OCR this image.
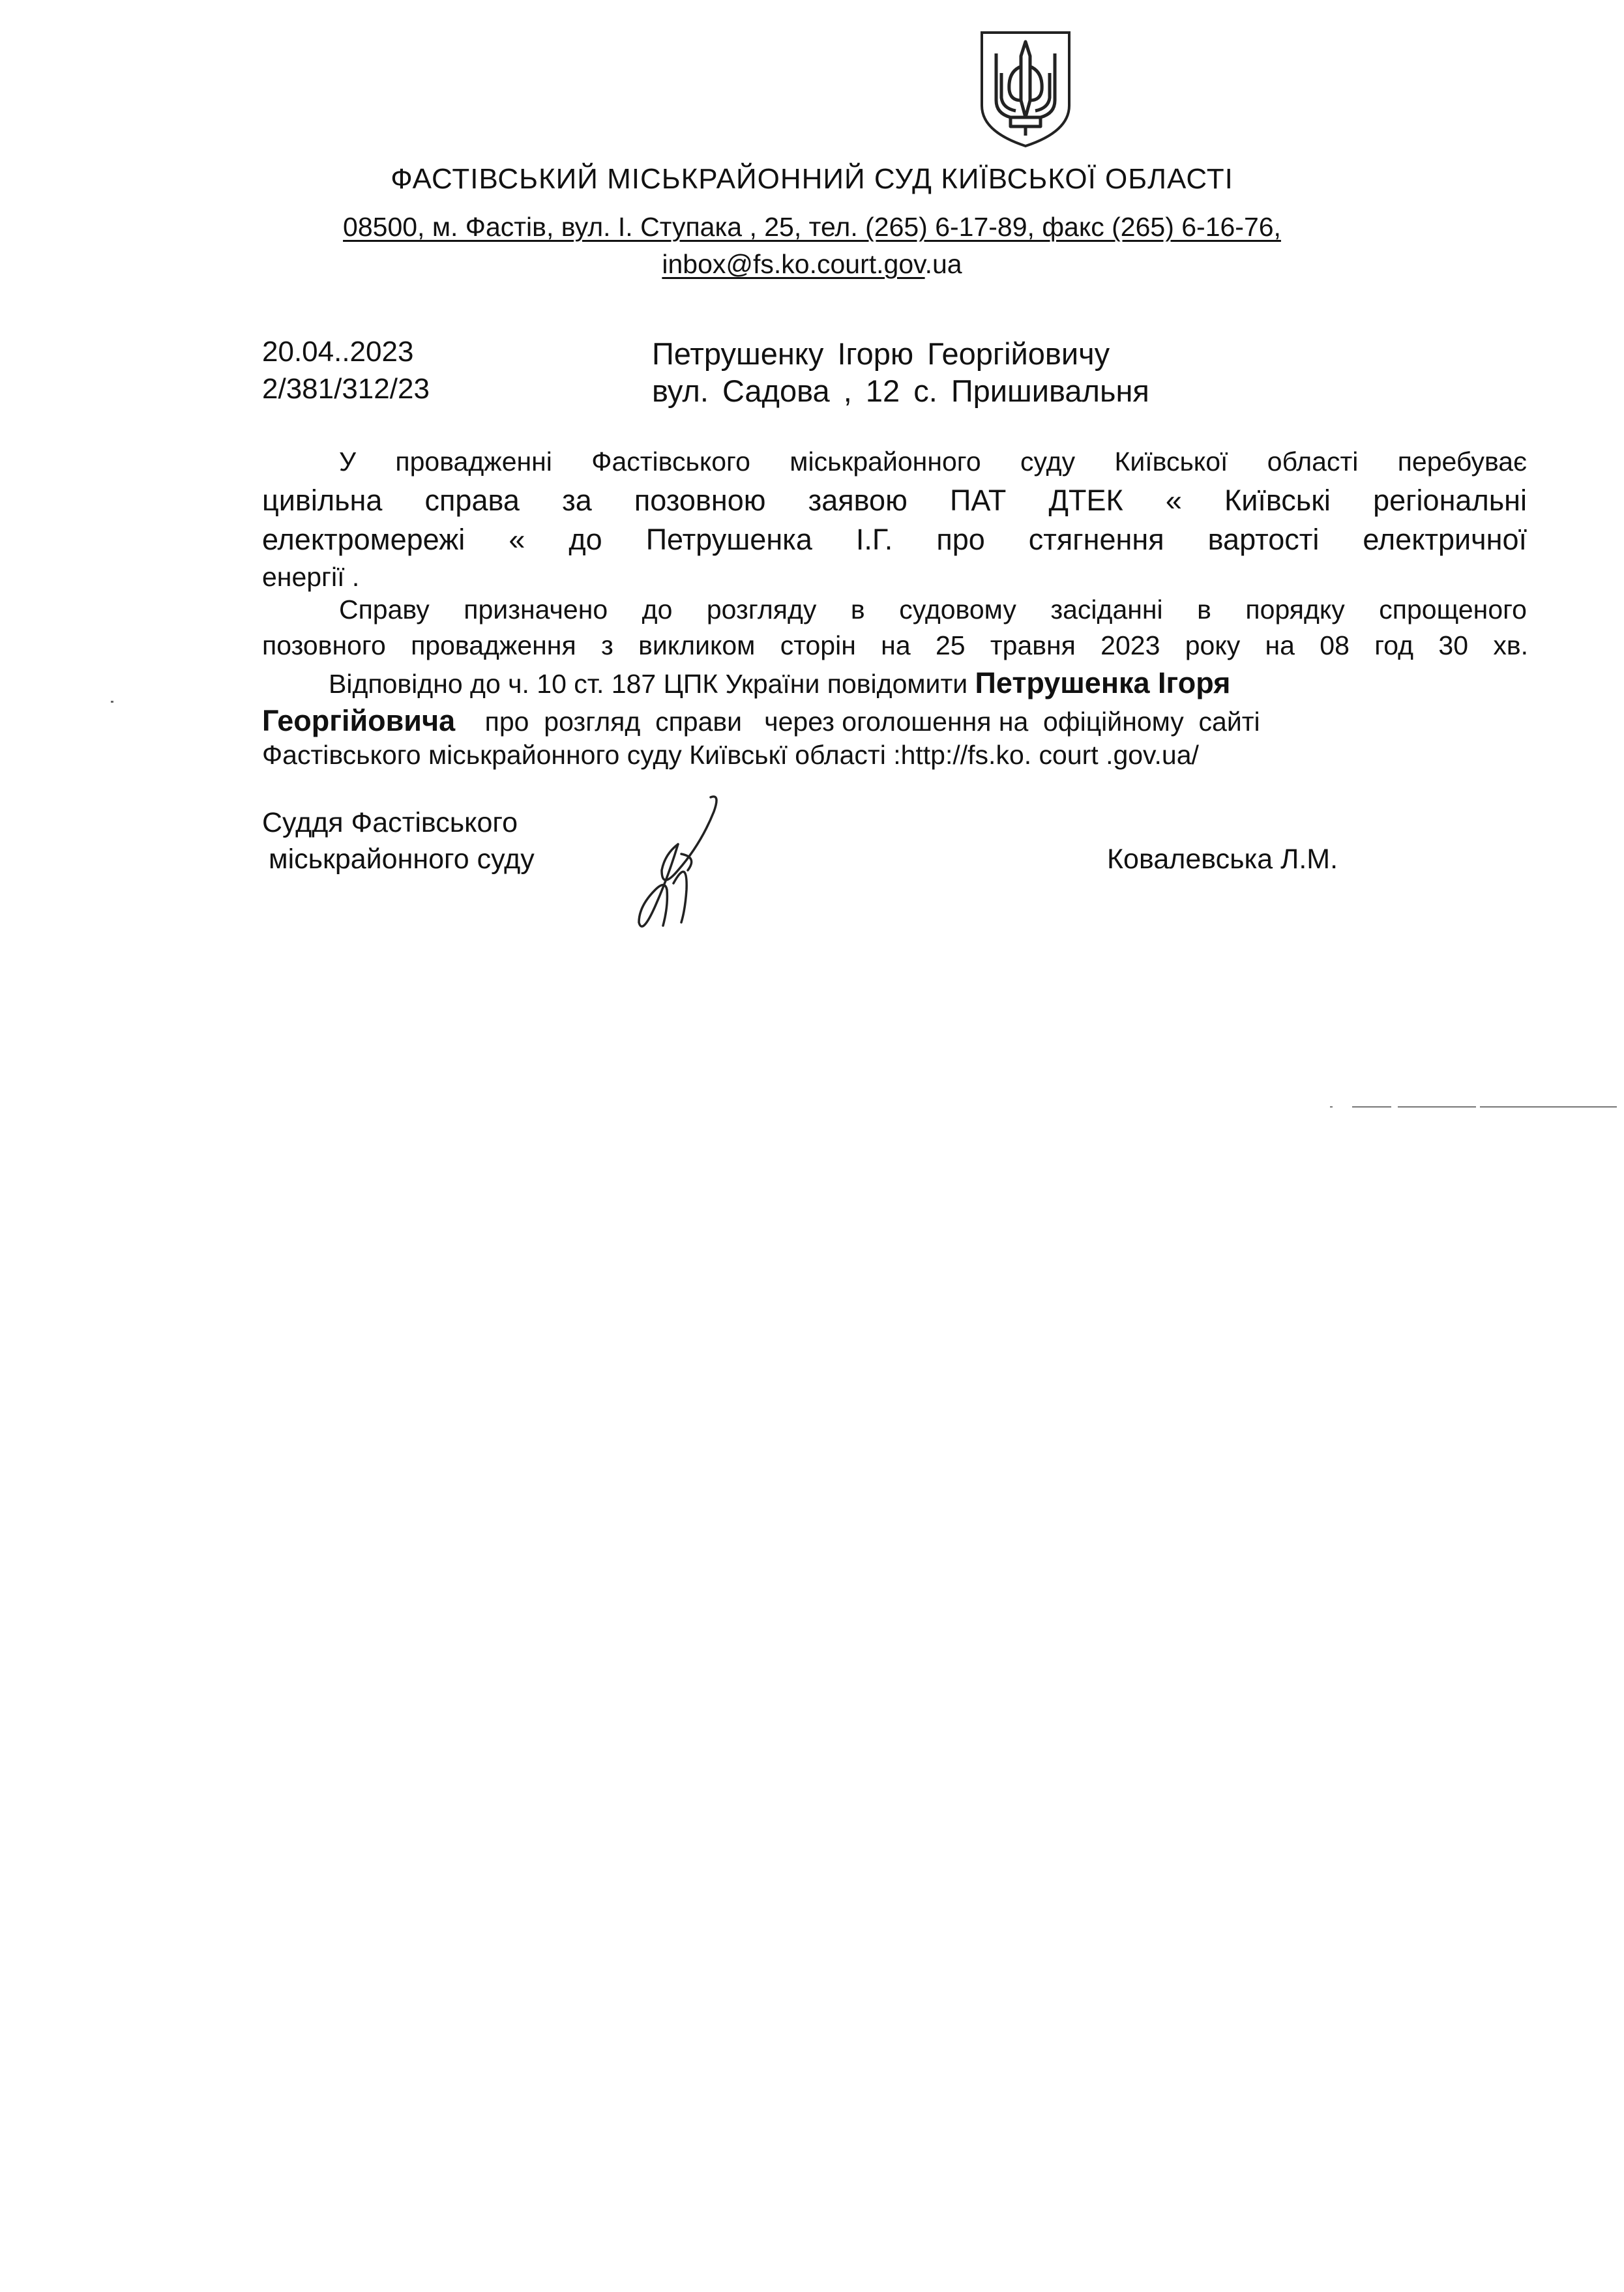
ФАСТІВСЬКИЙ МІСЬКРАЙОННИЙ СУД КИЇВСЬКОЇ ОБЛАСТІ
08500, м. Фастів, вул. І. Ступака , 25, тел. (265) 6-17-89, факс (265) 6-16-76,
inbox@fs.ko.court.gov.ua
20.04..2023
2/381/312/23
Петрушенку Ігорю Георгійовичу
вул. Садова , 12 с. Пришивальня
У провадженні Фастівського міськрайонного суду Київської області перебуває
цивільна справа за позовною заявою ПАТ ДТЕК « Київські регіональні
електромережі « до Петрушенка І.Г. про стягнення вартості електричної
енергії .
Справу призначено до розгляду в судовому засіданні в порядку спрощеного
позовного провадження з викликом сторін на 25 травня 2023 року на 08 год 30 хв.
Відповідно до ч. 10 ст. 187 ЦПК України повідомити Петрушенка Ігоря
Георгійовича    про  розгляд  справи   через оголошення на  офіційному  сайті
Фастівського міськрайонного суду Київськї області :http://fs.ko. court .gov.ua/
Суддя Фастівського
міськрайонного суду	Ковалевська Л.М.
